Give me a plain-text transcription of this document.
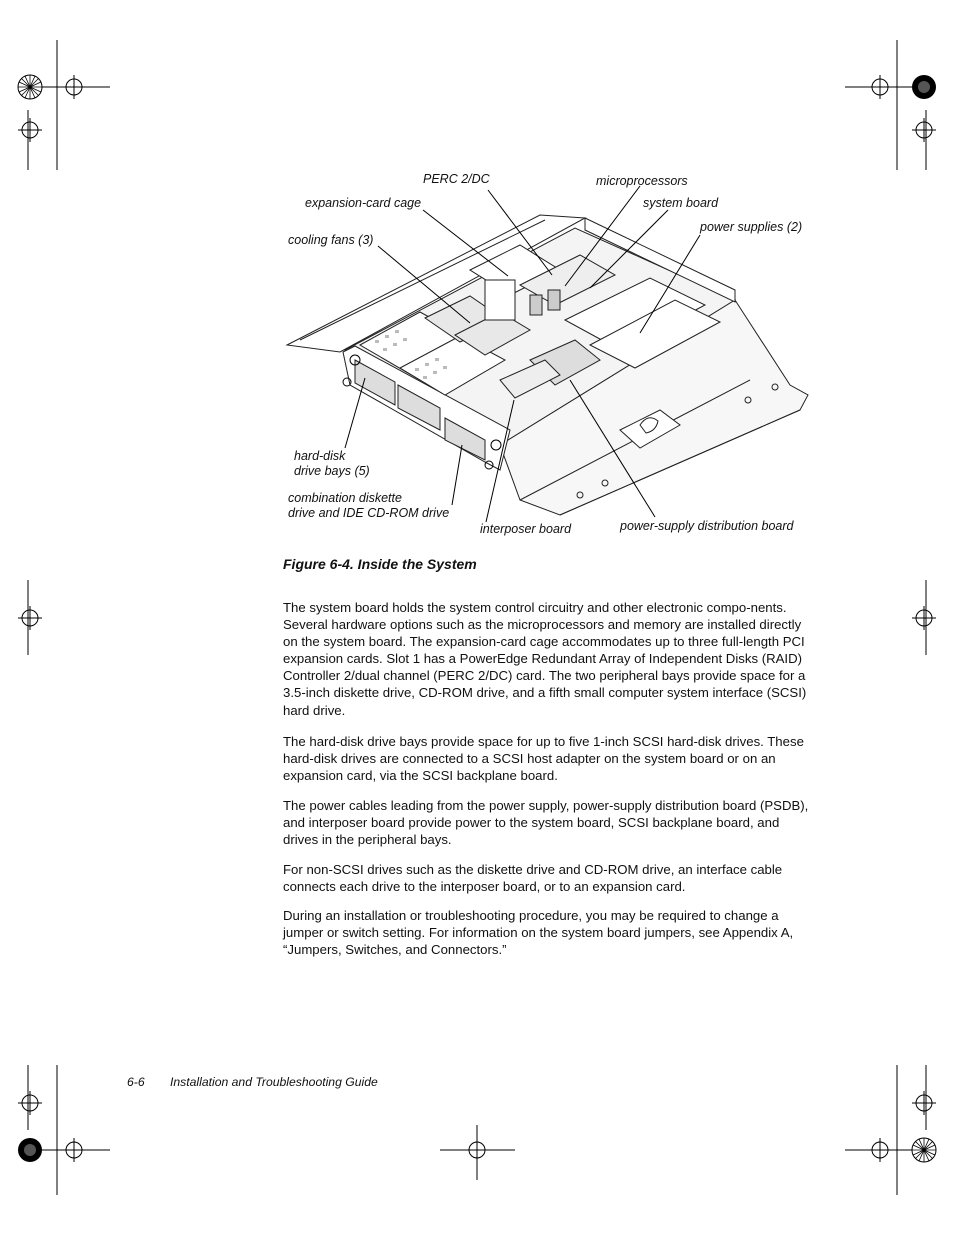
PERC 2/DC	microprocessors
expansion-card cage	system board
power supplies (2)
cooling fans (3)
hard-disk
drive bays (5)
combination diskette
drive and IDE CD-ROM drive
interposer board	power-supply distribution board
Figure 6-4. Inside the System

The system board holds the system control circuitry and other electronic compo-nents. Several hardware options such as the microprocessors and memory are installed directly on the system board. The expansion-card cage accommodates up to three full-length PCI expansion cards. Slot 1 has a PowerEdge Redundant Array of Independent Disks (RAID) Controller 2/dual channel (PERC 2/DC) card. The two peripheral bays provide space for a 3.5-inch diskette drive, CD-ROM drive, and a fifth small computer system interface (SCSI) hard drive.

The hard-disk drive bays provide space for up to five 1-inch SCSI hard-disk drives. These hard-disk drives are connected to a SCSI host adapter on the system board or on an expansion card, via the SCSI backplane board.

The power cables leading from the power supply, power-supply distribution board (PSDB), and interposer board provide power to the system board, SCSI backplane board, and drives in the peripheral bays.

For non-SCSI drives such as the diskette drive and CD-ROM drive, an interface cable connects each drive to the interposer board, or to an expansion card.

During an installation or troubleshooting procedure, you may be required to change a jumper or switch setting. For information on the system board jumpers, see Appendix A, “Jumpers, Switches, and Connectors.”

6-6 Installation and Troubleshooting Guide
